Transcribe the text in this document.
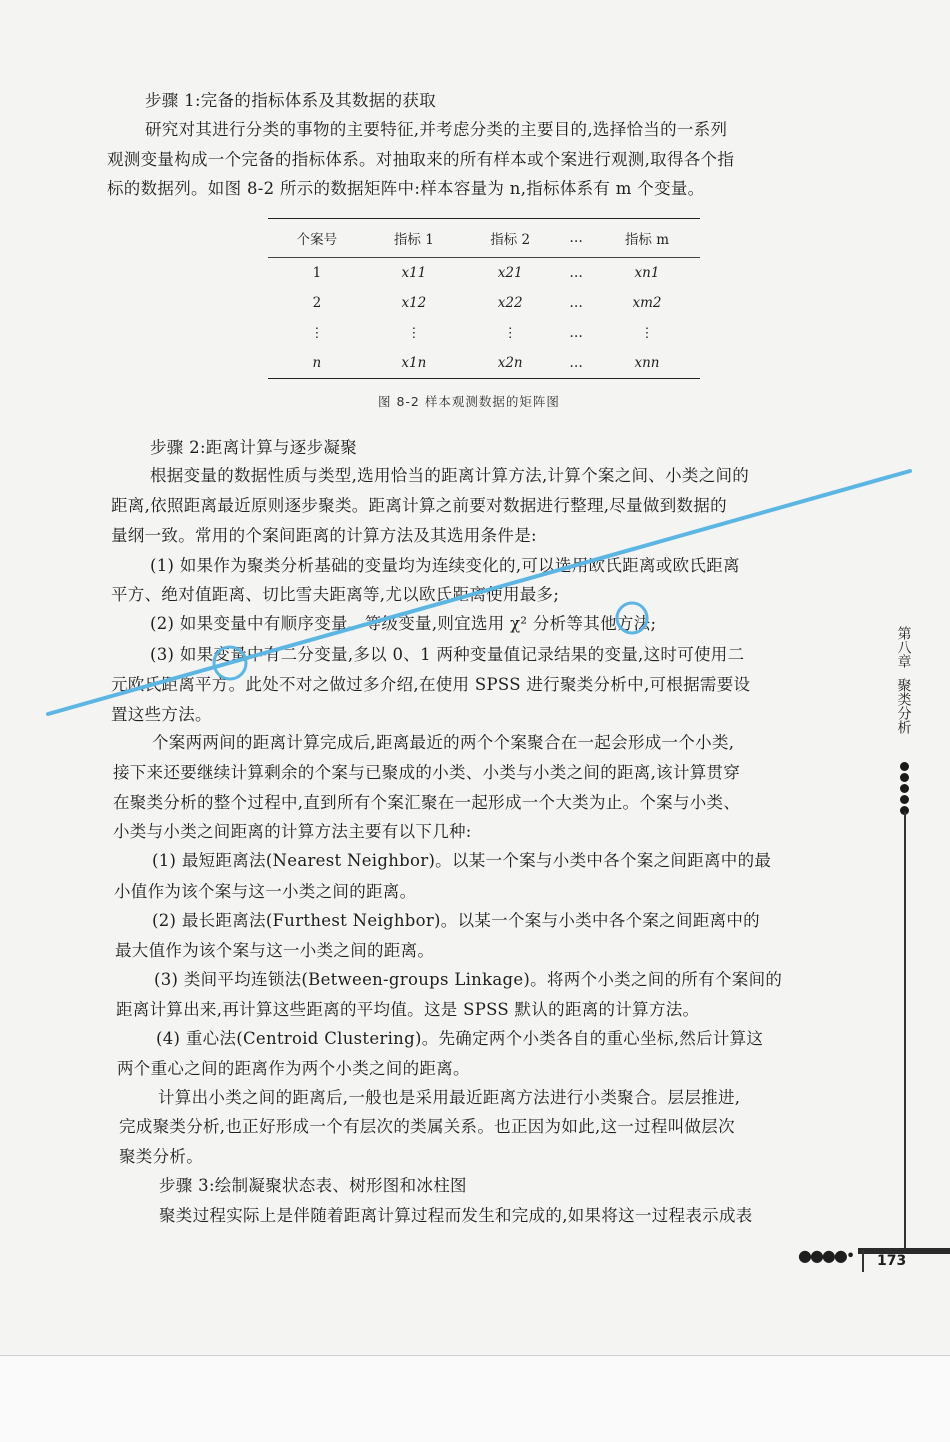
步骤 1:完备的指标体系及其数据的获取
研究对其进行分类的事物的主要特征,并考虑分类的主要目的,选择恰当的一系列
观测变量构成一个完备的指标体系。对抽取来的所有样本或个案进行观测,取得各个指
标的数据列。如图 8-2 所示的数据矩阵中:样本容量为 n,指标体系有 m 个变量。
个案号	指标 1	指标 2	…	指标 m
1	x11	x21	…	xn1
2	x12	x22	…	xm2
⋮	⋮	⋮	…	⋮
n	x1n	x2n	…	xnn
图 8-2 样本观测数据的矩阵图
步骤 2:距离计算与逐步凝聚
根据变量的数据性质与类型,选用恰当的距离计算方法,计算个案之间、小类之间的
距离,依照距离最近原则逐步聚类。距离计算之前要对数据进行整理,尽量做到数据的
量纲一致。常用的个案间距离的计算方法及其选用条件是:
(1) 如果作为聚类分析基础的变量均为连续变化的,可以选用欧氏距离或欧氏距离
平方、绝对值距离、切比雪夫距离等,尤以欧氏距离使用最多;
(2) 如果变量中有顺序变量、等级变量,则宜选用 χ² 分析等其他方法;
(3) 如果变量中有二分变量,多以 0、1 两种变量值记录结果的变量,这时可使用二
元欧氏距离平方。此处不对之做过多介绍,在使用 SPSS 进行聚类分析中,可根据需要设
置这些方法。
个案两两间的距离计算完成后,距离最近的两个个案聚合在一起会形成一个小类,
接下来还要继续计算剩余的个案与已聚成的小类、小类与小类之间的距离,该计算贯穿
在聚类分析的整个过程中,直到所有个案汇聚在一起形成一个大类为止。个案与小类、
小类与小类之间距离的计算方法主要有以下几种:
(1) 最短距离法(Nearest Neighbor)。以某一个案与小类中各个案之间距离中的最
小值作为该个案与这一小类之间的距离。
(2) 最长距离法(Furthest Neighbor)。以某一个案与小类中各个案之间距离中的
最大值作为该个案与这一小类之间的距离。
(3) 类间平均连锁法(Between-groups Linkage)。将两个小类之间的所有个案间的
距离计算出来,再计算这些距离的平均值。这是 SPSS 默认的距离的计算方法。
(4) 重心法(Centroid Clustering)。先确定两个小类各自的重心坐标,然后计算这
两个重心之间的距离作为两个小类之间的距离。
计算出小类之间的距离后,一般也是采用最近距离方法进行小类聚合。层层推进,
完成聚类分析,也正好形成一个有层次的类属关系。也正因为如此,这一过程叫做层次
聚类分析。
步骤 3:绘制凝聚状态表、树形图和冰柱图
聚类过程实际上是伴随着距离计算过程而发生和完成的,如果将这一过程表示成表
第八章
聚类分析
●●●●• 173
